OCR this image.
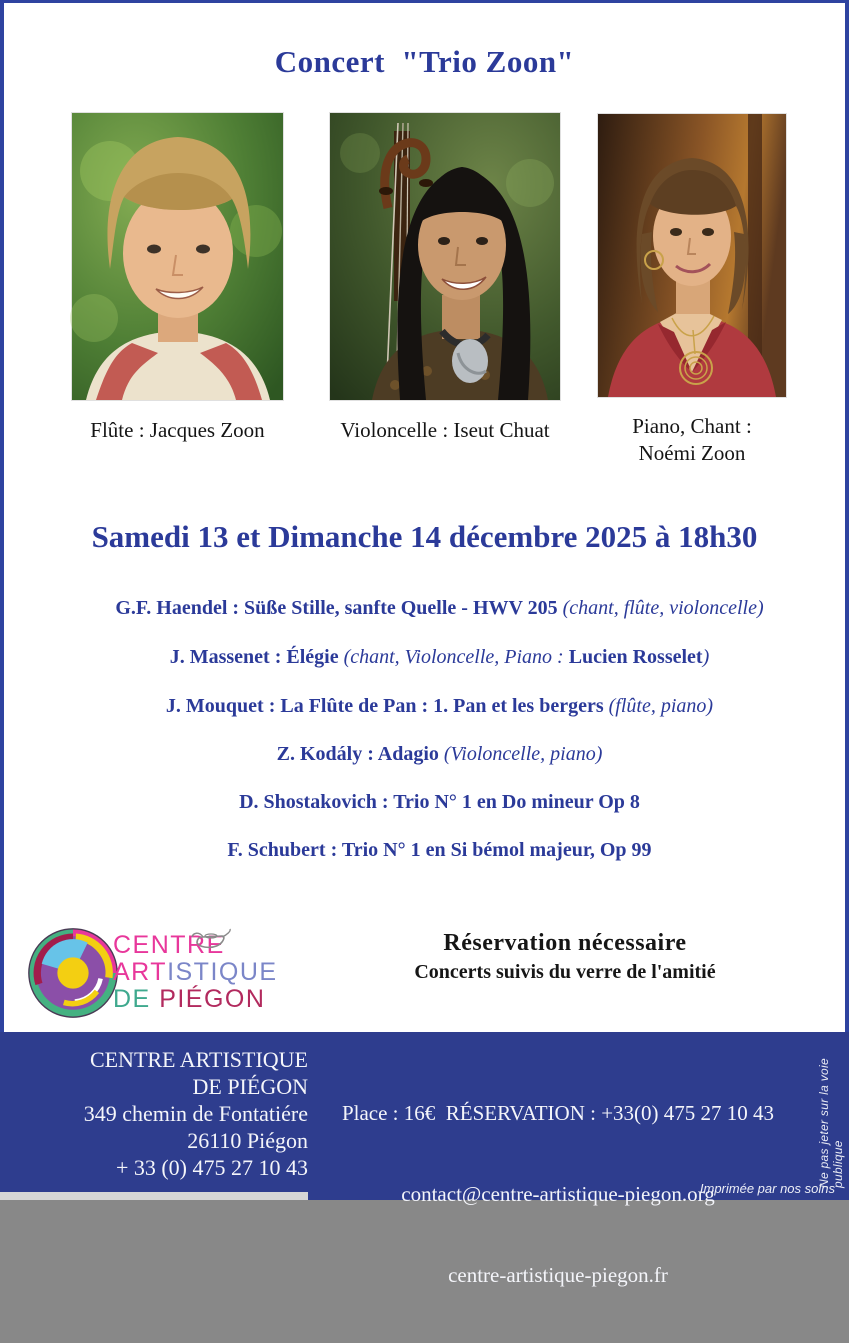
Concert  "Trio Zoon"
Flûte : Jacques Zoon	Violoncelle : Iseut Chuat	Piano, Chant :
Noémi Zoon
Samedi 13 et Dimanche 14 décembre 2025 à 18h30

G.F. Haendel : Süße Stille, sanfte Quelle - HWV 205 (chant, flûte, violoncelle)

J. Massenet : Élégie (chant, Violoncelle, Piano : Lucien Rosselet)

J. Mouquet : La Flûte de Pan : 1. Pan et les bergers (flûte, piano)

Z. Kodály : Adagio (Violoncelle, piano)

D. Shostakovich : Trio N° 1 en Do mineur Op 8

F. Schubert : Trio N° 1 en Si bémol majeur, Op 99

CENTRE
ARTISTIQUE
DE PIÉGON
Réservation nécessaire
Concerts suivis du verre de l'amitié
CENTRE ARTISTIQUE
DE PIÉGON
349 chemin de Fontatiére
26110 Piégon
+ 33 (0) 475 27 10 43

Place : 16€  RÉSERVATION : +33(0) 475 27 10 43

contact@centre-artistique-piegon.org

centre-artistique-piegon.fr

Ne pas jeter sur la voie publique
Imprimée par nos soins
